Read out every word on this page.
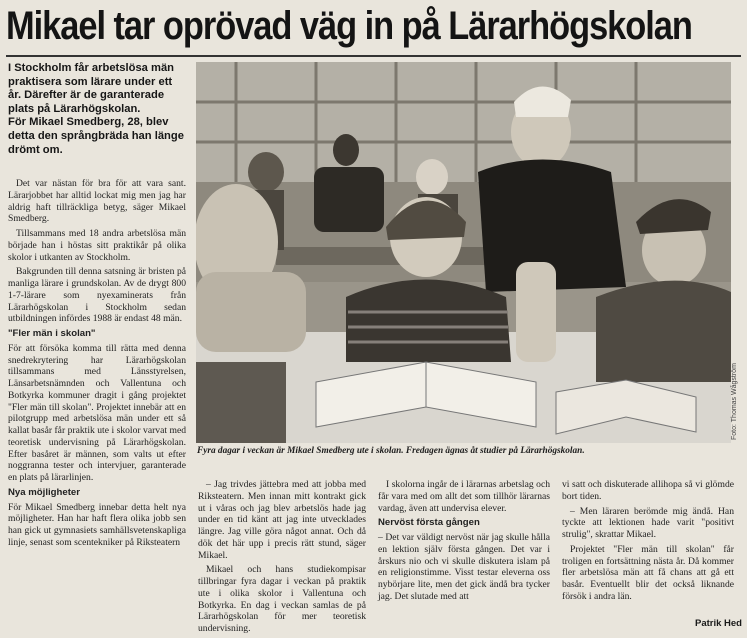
Mikael tar oprövad väg in på Lärarhögskolan
I Stockholm får arbetslösa män praktisera som lärare under ett år. Därefter är de garanterade plats på Lärarhögskolan.
För Mikael Smedberg, 28, blev detta den språngbräda han länge drömt om.

Det var nästan för bra för att vara sant. Lärarjobbet har alltid lockat mig men jag har aldrig haft tillräckliga betyg, säger Mikael Smedberg.

Tillsammans med 18 andra arbetslösa män började han i höstas sitt praktikår på olika skolor i utkanten av Stockholm.

Bakgrunden till denna satsning är bristen på manliga lärare i grundskolan. Av de drygt 800 1-7-lärare som nyexaminerats från Lärarhögskolan i Stockholm sedan utbildningen infördes 1988 är endast 48 män.

"Fler män i skolan"

För att försöka komma till rätta med denna snedrekrytering har Lärarhögskolan tillsammans med Länsstyrelsen, Länsarbetsnämnden och Vallentuna och Botkyrka kommuner dragit i gång projektet "Fler män till skolan". Projektet innebär att en pilotgrupp med arbetslösa män under ett så kallat basår får praktik ute i skolor varvat med teoretisk undervisning på Lärarhögskolan. Efter basåret är männen, som valts ut efter noggranna tester och intervjuer, garanterade en plats på lärarlinjen.

Nya möjligheter

För Mikael Smedberg innebar detta helt nya möjligheter. Han har haft flera olika jobb sen han gick ut gymnasiets samhällsvetenskapliga linje, senast som scentekniker på Riksteatern

Foto: Thomas Wågström
Fyra dagar i veckan är Mikael Smedberg ute i skolan. Fredagen ägnas åt studier på Lärarhögskolan.

– Jag trivdes jättebra med att jobba med Riksteatern. Men innan mitt kontrakt gick ut i våras och jag blev arbetslös hade jag under en tid känt att jag inte utvecklades längre. Jag ville göra något annat. Och då dök det här upp i precis rätt stund, säger Mikael.

Mikael och hans studiekompisar tillbringar fyra dagar i veckan på praktik ute i olika skolor i Vallentuna och Botkyrka. En dag i veckan samlas de på Lärarhögskolan för mer teoretisk undervisning.

I skolorna ingår de i lärarnas arbetslag och får vara med om allt det som tillhör lärarnas vardag, även att undervisa elever.

Nervöst första gången

– Det var väldigt nervöst när jag skulle hålla en lektion själv första gången. Det var i årskurs nio och vi skulle diskutera islam på en religionstimme. Visst testar eleverna oss nybörjare lite, men det gick ändå bra tycker jag. Det slutade med att

vi satt och diskuterade allihopa så vi glömde bort tiden.

– Men läraren berömde mig ändå. Han tyckte att lektionen hade varit "positivt strulig", skrattar Mikael.

Projektet "Fler män till skolan" får troligen en fortsättning nästa år. Då kommer fler arbetslösa män att få chans att gå ett basår. Eventuellt blir det också liknande försök i andra län.

Patrik Hed
